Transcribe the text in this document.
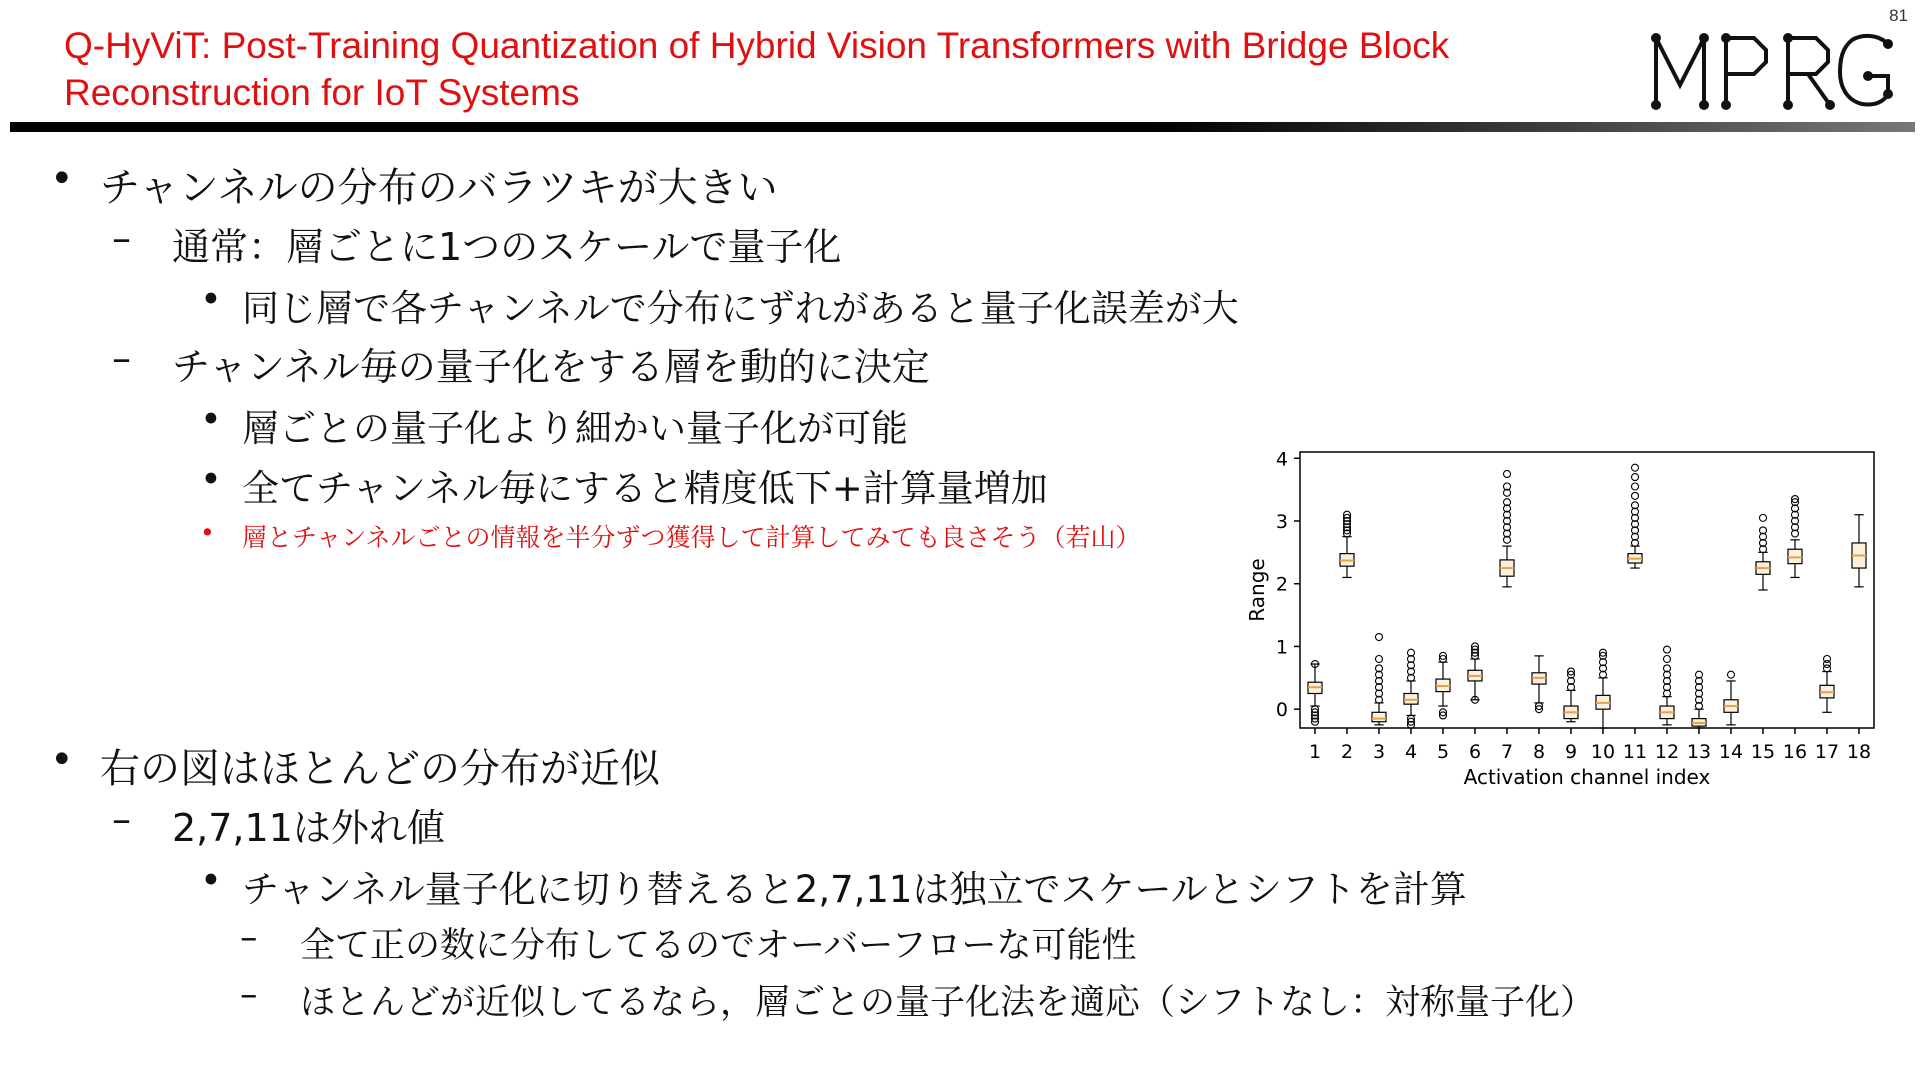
Q-HyViT: Post-Training Quantization of Hybrid Vision Transformers with Bridge Block
Reconstruction for IoT Systems
81
• チャンネルの分布のバラツキが大きい
– 通常：層ごとに1つのスケールで量子化
• 同じ層で各チャンネルで分布にずれがあると量子化誤差が大
– チャンネル毎の量子化をする層を動的に決定
• 層ごとの量子化より細かい量子化が可能
• 全てチャンネル毎にすると精度低下+計算量増加
• 層とチャンネルごとの情報を半分ずつ獲得して計算してみても良さそう（若山）
• 右の図はほとんどの分布が近似
– 2,7,11は外れ値
• チャンネル量子化に切り替えると2,7,11は独立でスケールとシフトを計算
– 全て正の数に分布してるのでオーバーフローな可能性
– ほとんどが近似してるなら，層ごとの量子化法を適応（シフトなし：対称量子化）
0
1
2
3
4
1 2 3 4 5 6 7 8 9 10 11 12 13 14 15 16 17 18
Activation channel index
Range
